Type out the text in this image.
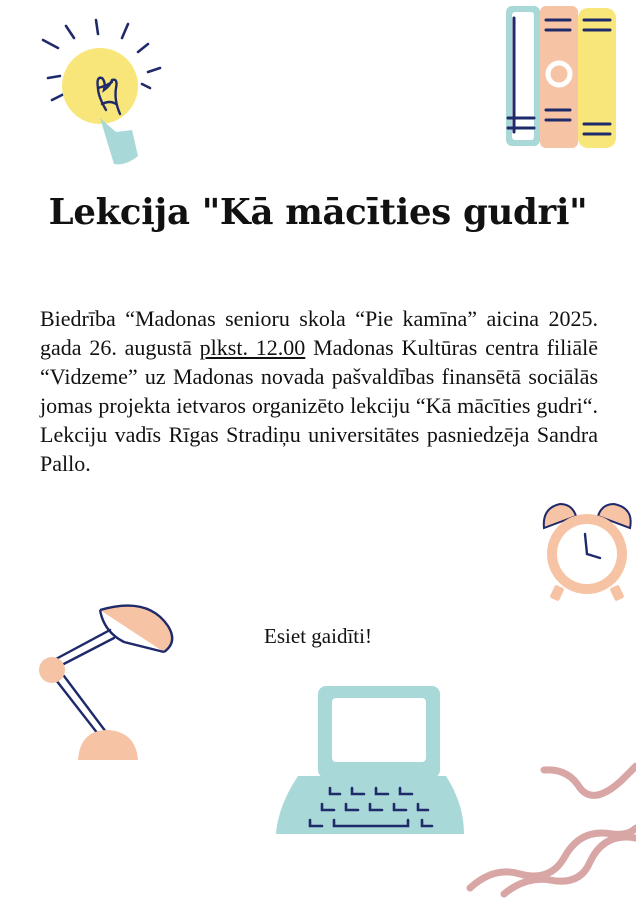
Lekcija "Kā mācīties gudri"

Biedrība “Madonas senioru skola “Pie kamīna” aicina 2025. gada 26. augustā plkst. 12.00 Madonas Kultūras centra filiālē “Vidzeme” uz Madonas novada pašvaldības finansētā sociālās jomas projekta ietvaros organizēto lekciju “Kā mācīties gudri“. Lekciju vadīs Rīgas Stradiņu universitātes pasniedzēja Sandra Pallo.

Esiet gaidīti!
